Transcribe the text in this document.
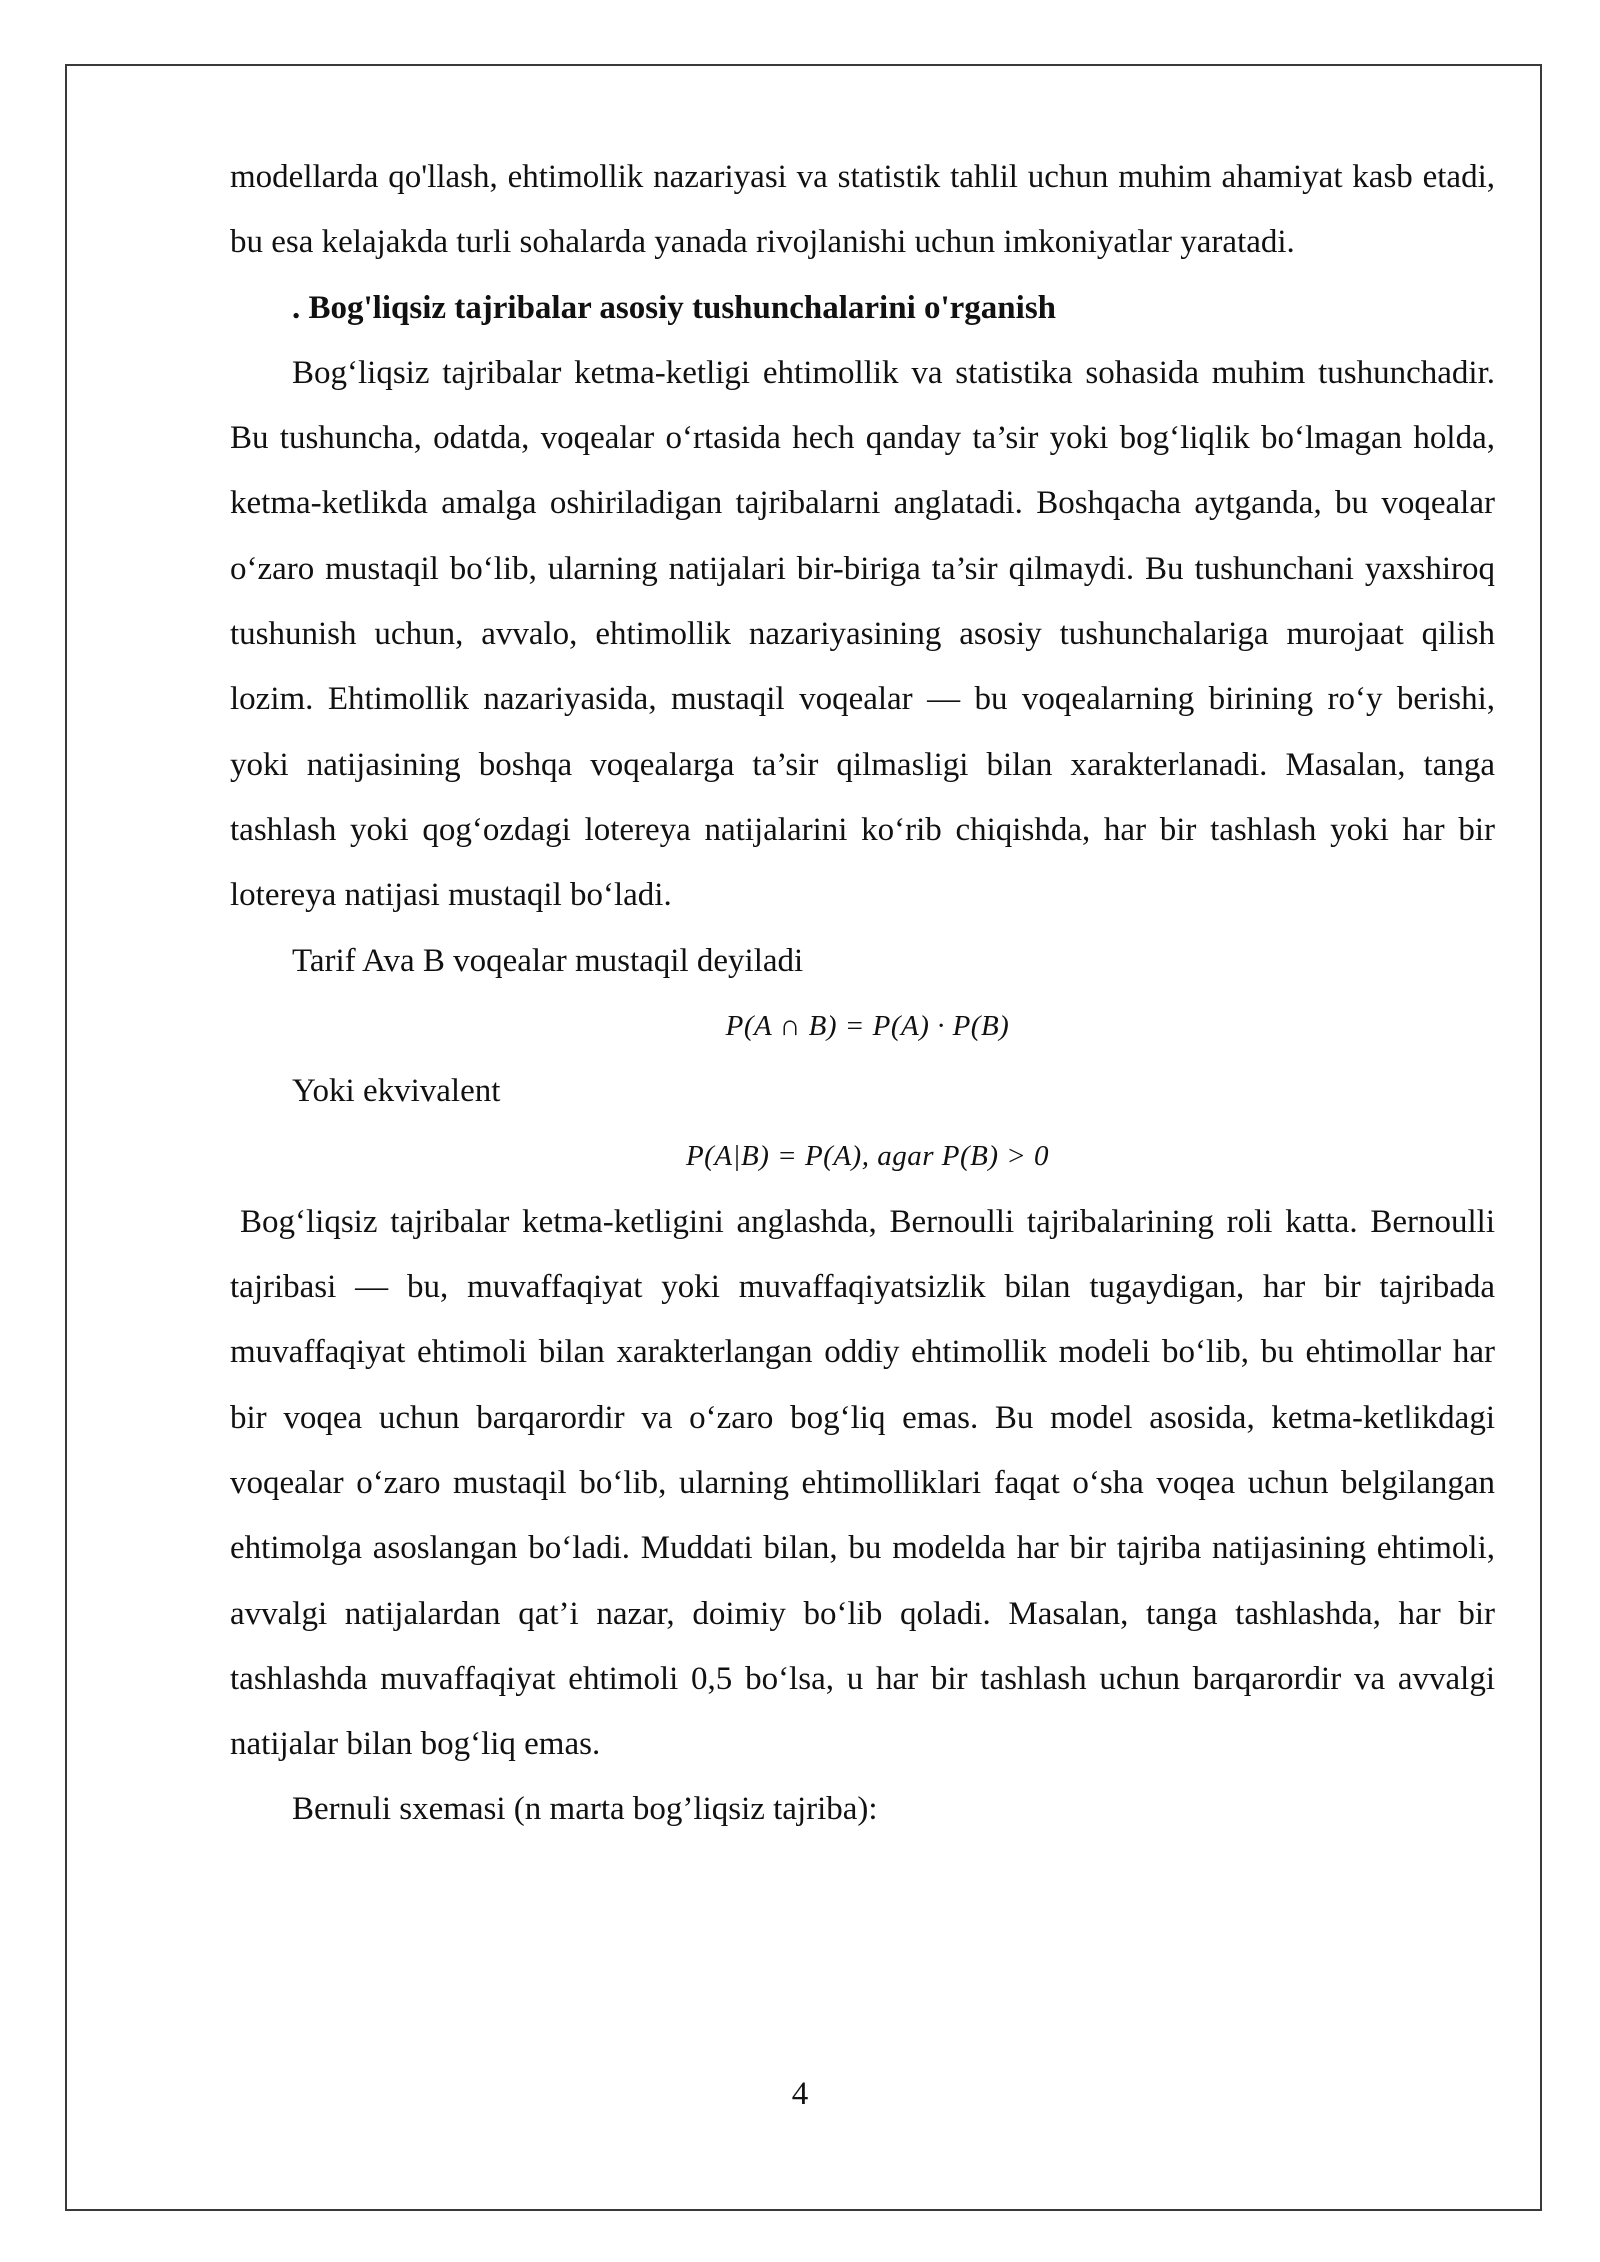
modellarda qo'llash, ehtimollik nazariyasi va statistik tahlil uchun muhim ahamiyat kasb etadi, bu esa kelajakda turli sohalarda yanada rivojlanishi uchun imkoniyatlar yaratadi.

. Bog'liqsiz tajribalar asosiy tushunchalarini o'rganish

Bog‘liqsiz tajribalar ketma-ketligi ehtimollik va statistika sohasida muhim tushunchadir. Bu tushuncha, odatda, voqealar o‘rtasida hech qanday ta’sir yoki bog‘liqlik bo‘lmagan holda, ketma-ketlikda amalga oshiriladigan tajribalarni anglatadi. Boshqacha aytganda, bu voqealar o‘zaro mustaqil bo‘lib, ularning natijalari bir-biriga ta’sir qilmaydi. Bu tushunchani yaxshiroq tushunish uchun, avvalo, ehtimollik nazariyasining asosiy tushunchalariga murojaat qilish lozim. Ehtimollik nazariyasida, mustaqil voqealar — bu voqealarning birining ro‘y berishi, yoki natijasining boshqa voqealarga ta’sir qilmasligi bilan xarakterlanadi. Masalan, tanga tashlash yoki qog‘ozdagi lotereya natijalarini ko‘rib chiqishda, har bir tashlash yoki har bir lotereya natijasi mustaqil bo‘ladi.

Tarif Ava B voqealar mustaqil deyiladi

P(A ∩ B) = P(A) · P(B)

Yoki ekvivalent

P(A|B) = P(A), agar P(B) > 0

Bog‘liqsiz tajribalar ketma-ketligini anglashda, Bernoulli tajribalarining roli katta. Bernoulli tajribasi — bu, muvaffaqiyat yoki muvaffaqiyatsizlik bilan tugaydigan, har bir tajribada muvaffaqiyat ehtimoli bilan xarakterlangan oddiy ehtimollik modeli bo‘lib, bu ehtimollar har bir voqea uchun barqarordir va o‘zaro bog‘liq emas. Bu model asosida, ketma-ketlikdagi voqealar o‘zaro mustaqil bo‘lib, ularning ehtimolliklari faqat o‘sha voqea uchun belgilangan ehtimolga asoslangan bo‘ladi. Muddati bilan, bu modelda har bir tajriba natijasining ehtimoli, avvalgi natijalardan qat’i nazar, doimiy bo‘lib qoladi. Masalan, tanga tashlashda, har bir tashlashda muvaffaqiyat ehtimoli 0,5 bo‘lsa, u har bir tashlash uchun barqarordir va avvalgi natijalar bilan bog‘liq emas.

Bernuli sxemasi (n marta bog’liqsiz tajriba):

4
